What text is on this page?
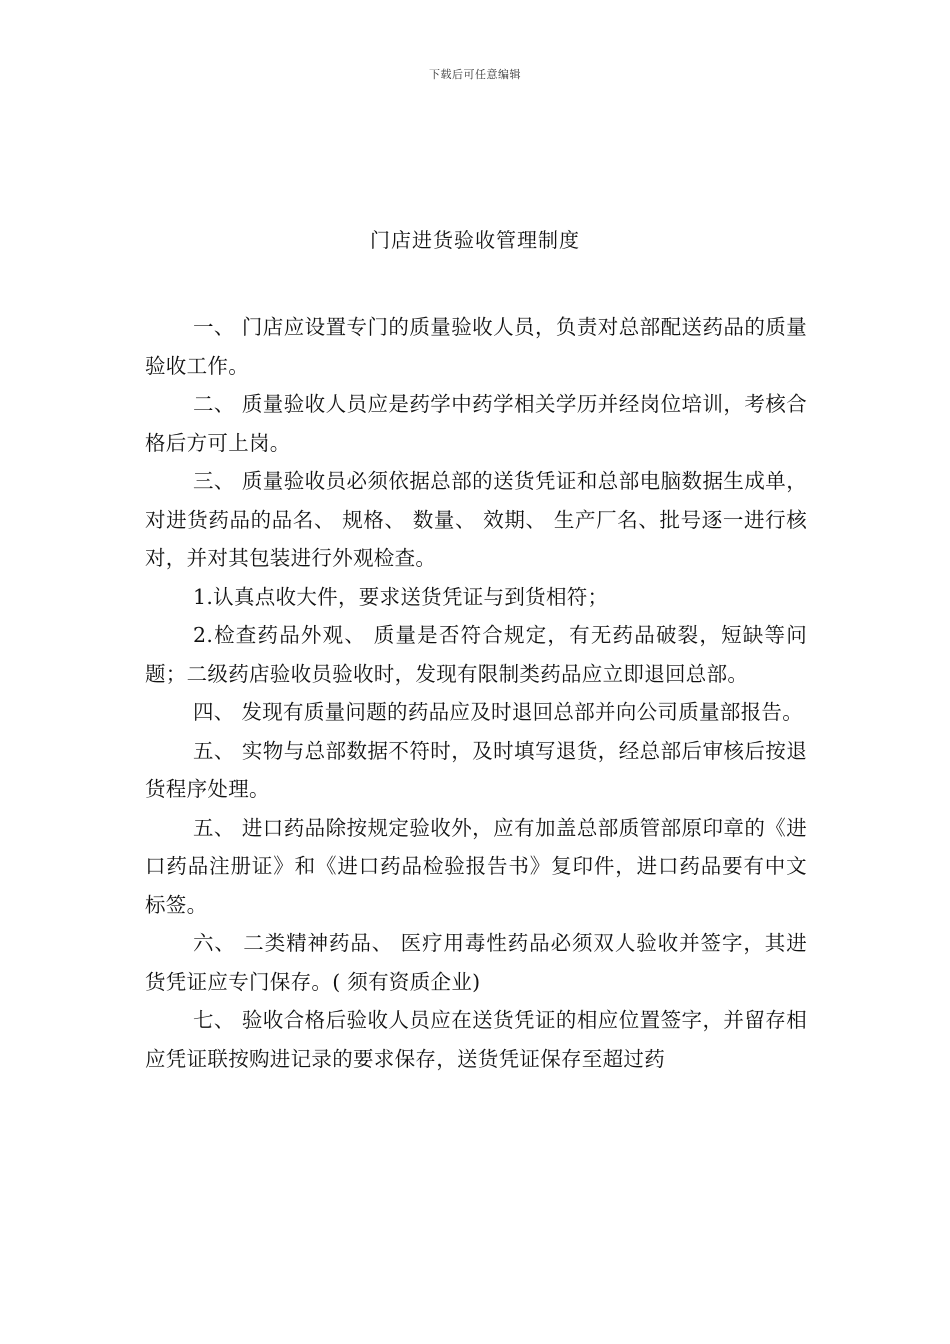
下载后可任意编辑
门店进货验收管理制度

一、 门店应设置专门的质量验收人员，负责对总部配送药品的质量验收工作。

二、 质量验收人员应是药学中药学相关学历并经岗位培训，考核合格后方可上岗。

三、 质量验收员必须依据总部的送货凭证和总部电脑数据生成单，对进货药品的品名、 规格、 数量、 效期、 生产厂名、批号逐一进行核对，并对其包装进行外观检查。

1.认真点收大件，要求送货凭证与到货相符；

2.检查药品外观、 质量是否符合规定，有无药品破裂，短缺等问题；二级药店验收员验收时，发现有限制类药品应立即退回总部。

四、 发现有质量问题的药品应及时退回总部并向公司质量部报告。

五、 实物与总部数据不符时，及时填写退货，经总部后审核后按退货程序处理。

五、 进口药品除按规定验收外，应有加盖总部质管部原印章的《进口药品注册证》和《进口药品检验报告书》复印件，进口药品要有中文标签。

六、 二类精神药品、 医疗用毒性药品必须双人验收并签字，其进货凭证应专门保存。( 须有资质企业)

七、 验收合格后验收人员应在送货凭证的相应位置签字，并留存相应凭证联按购进记录的要求保存，送货凭证保存至超过药
